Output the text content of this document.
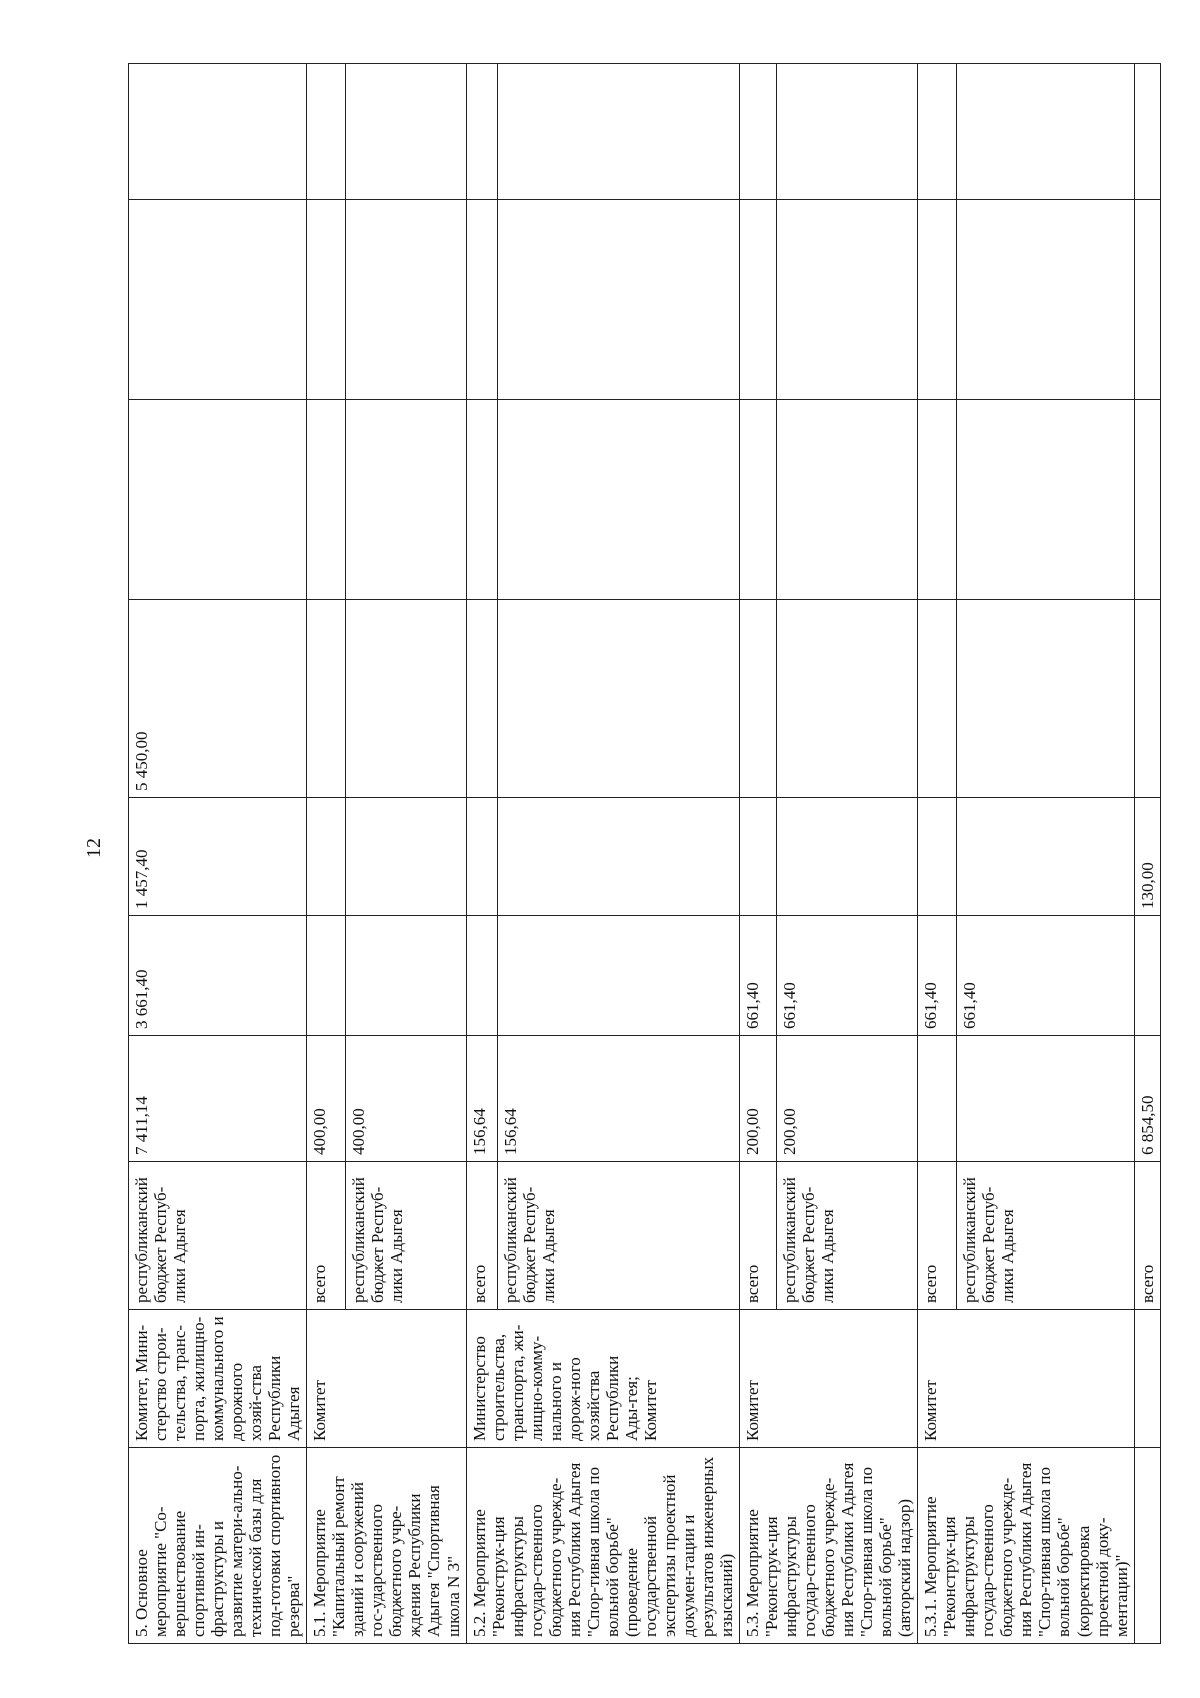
12
5. Основное мероприятие "Со-вершенствование спортивной ин-фраструктуры и развитие матери-ально-технической базы для под-готовки спортивного резерва"	Комитет, Мини-стерство строи-тельства, транс-порта, жилищно-коммунального и дорожного хозяй-ства Республики Адыгея	республиканский бюджет Респуб-лики Адыгея	7 411,14	3 661,40	1 457,40	5 450,00			
5.1. Мероприятие "Капитальный ремонт зданий и сооружений гос-ударственного бюджетного учре-ждения Республики Адыгея "Спортивная школа N 3"	Комитет	всего	400,00						
		республиканский бюджет Респуб-лики Адыгея	400,00						
5.2. Мероприятие "Реконструк-ция инфраструктуры государ-ственного бюджетного учрежде-ния Республики Адыгея "Спор-тивная школа по вольной борьбе" (проведение государственной экспертизы проектной докумен-тации и результатов инженерных изысканий)	Министерство строительства, транспорта, жи-лищно-комму-нального и дорож-ного хозяйства Республики Ады-гея; Комитет	всего	156,64						
		республиканский бюджет Респуб-лики Адыгея	156,64						
5.3. Мероприятие "Реконструк-ция инфраструктуры государ-ственного бюджетного учрежде-ния Республики Адыгея "Спор-тивная школа по вольной борьбе" (авторский надзор)	Комитет	всего	200,00	661,40					
		республиканский бюджет Респуб-лики Адыгея	200,00	661,40					
5.3.1. Мероприятие "Реконструк-ция инфраструктуры государ-ственного бюджетного учрежде-ния Республики Адыгея "Спор-тивная школа по вольной борьбе" (корректировка проектной доку-ментации)"	Комитет	всего		661,40					
		республиканский бюджет Респуб-лики Адыгея		661,40					
		всего	6 854,50		130,00				
